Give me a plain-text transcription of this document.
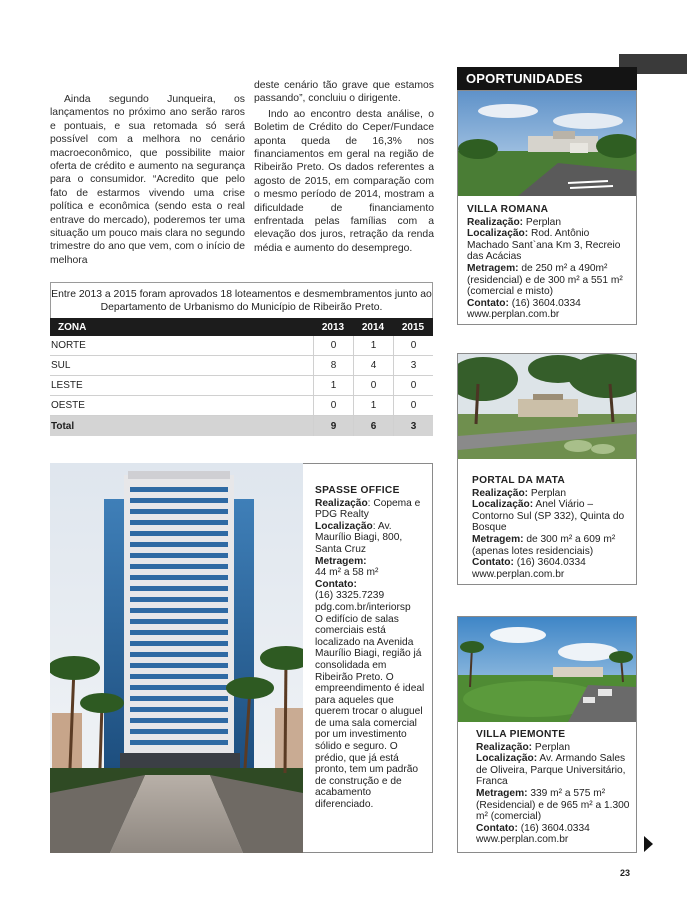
Ainda segundo Junqueira, os lançamentos no próximo ano serão raros e pontuais, e sua retomada só será possível com a melhora no cenário macroeconômico, que possibilite maior oferta de crédito e aumento na segurança para o consumidor. “Acredito que pelo fato de estarmos vivendo uma crise política e econômica (sendo esta o real entrave do mercado), poderemos ter uma situação um pouco mais clara no segundo trimestre do ano que vem, com o início de melhora

deste cenário tão grave que estamos passando”, concluiu o dirigente.

Indo ao encontro desta análise, o Boletim de Crédito do Ceper/Fundace aponta queda de 16,3% nos financiamentos em geral na região de Ribeirão Preto. Os dados referentes a agosto de 2015, em comparação com o mesmo período de 2014, mostram a dificuldade de financiamento enfrentada pelas famílias com a elevação dos juros, retração da renda média e aumento do desemprego.

Entre 2013 a 2015 foram aprovados 18 loteamentos e desmembramentos junto ao Departamento de Urbanismo do Município de Ribeirão Preto.
ZONA	2013	2014	2015
NORTE	0	1	0
SUL	8	4	3
LESTE	1	0	0
OESTE	0	1	0
Total	9	6	3
SPASSE OFFICE
Realização: Copema e PDG Realty
Localização: Av. Maurílio Biagi, 800, Santa Cruz
Metragem:
44 m² a 58 m²
Contato:
(16) 3325.7239
pdg.com.br/interiorsp
O edifício de salas comerciais está localizado na Avenida Maurílio Biagi, região já consolidada em Ribeirão Preto. O empreendimento é ideal para aqueles que querem trocar o aluguel de uma sala comercial por um investimento sólido e seguro. O prédio, que já está pronto, tem um padrão de construção e de acabamento diferenciado.
OPORTUNIDADES
VILLA ROMANA
Realização: Perplan
Localização: Rod. Antônio Machado Sant`ana Km 3, Recreio das Acácias
Metragem: de 250 m² a 490m² (residencial) e de 300 m² a 551 m² (comercial e misto)
Contato: (16) 3604.0334
www.perplan.com.br
PORTAL DA MATA
Realização: Perplan
Localização: Anel Viário – Contorno Sul (SP 332), Quinta do Bosque
Metragem: de 300 m² a 609 m² (apenas lotes residenciais)
Contato: (16) 3604.0334
www.perplan.com.br
VILLA PIEMONTE
Realização: Perplan
Localização: Av. Armando Sales de Oliveira, Parque Universitário, Franca
Metragem: 339 m² a 575 m² (Residencial) e de 965 m² a 1.300 m² (comercial)
Contato: (16) 3604.0334
www.perplan.com.br
23
